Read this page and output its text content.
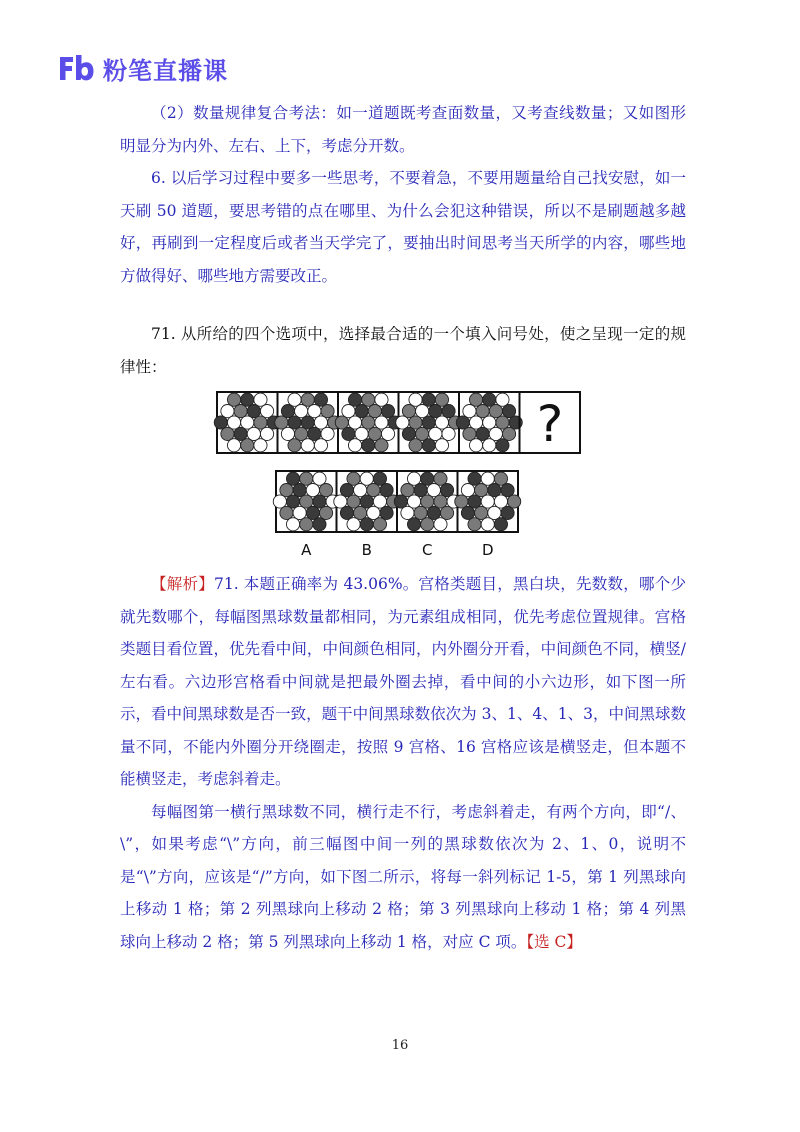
粉笔直播课

（2）数量规律复合考法：如一道题既考查面数量，又考查线数量；又如图形明显分为内外、左右、上下，考虑分开数。

6. 以后学习过程中要多一些思考，不要着急，不要用题量给自己找安慰，如一天刷 50 道题，要思考错的点在哪里、为什么会犯这种错误，所以不是刷题越多越好，再刷到一定程度后或者当天学完了，要抽出时间思考当天所学的内容，哪些地方做得好、哪些地方需要改正。

71. 从所给的四个选项中，选择最合适的一个填入问号处，使之呈现一定的规律性：

?
A	B	C	D

【解析】71. 本题正确率为 43.06%。宫格类题目，黑白块，先数数，哪个少就先数哪个，每幅图黑球数量都相同，为元素组成相同，优先考虑位置规律。宫格类题目看位置，优先看中间，中间颜色相同，内外圈分开看，中间颜色不同，横竖/左右看。六边形宫格看中间就是把最外圈去掉，看中间的小六边形，如下图一所示，看中间黑球数是否一致，题干中间黑球数依次为 3、1、4、1、3，中间黑球数量不同，不能内外圈分开绕圈走，按照 9 宫格、16 宫格应该是横竖走，但本题不能横竖走，考虑斜着走。

每幅图第一横行黑球数不同，横行走不行，考虑斜着走，有两个方向，即“/、\”，如果考虑“\”方向，前三幅图中间一列的黑球数依次为 2、1、0，说明不是“\”方向，应该是“/”方向，如下图二所示，将每一斜列标记 1-5，第 1 列黑球向上移动 1 格；第 2 列黑球向上移动 2 格；第 3 列黑球向上移动 1 格；第 4 列黑球向上移动 2 格；第 5 列黑球向上移动 1 格，对应 C 项。【选 C】

16
